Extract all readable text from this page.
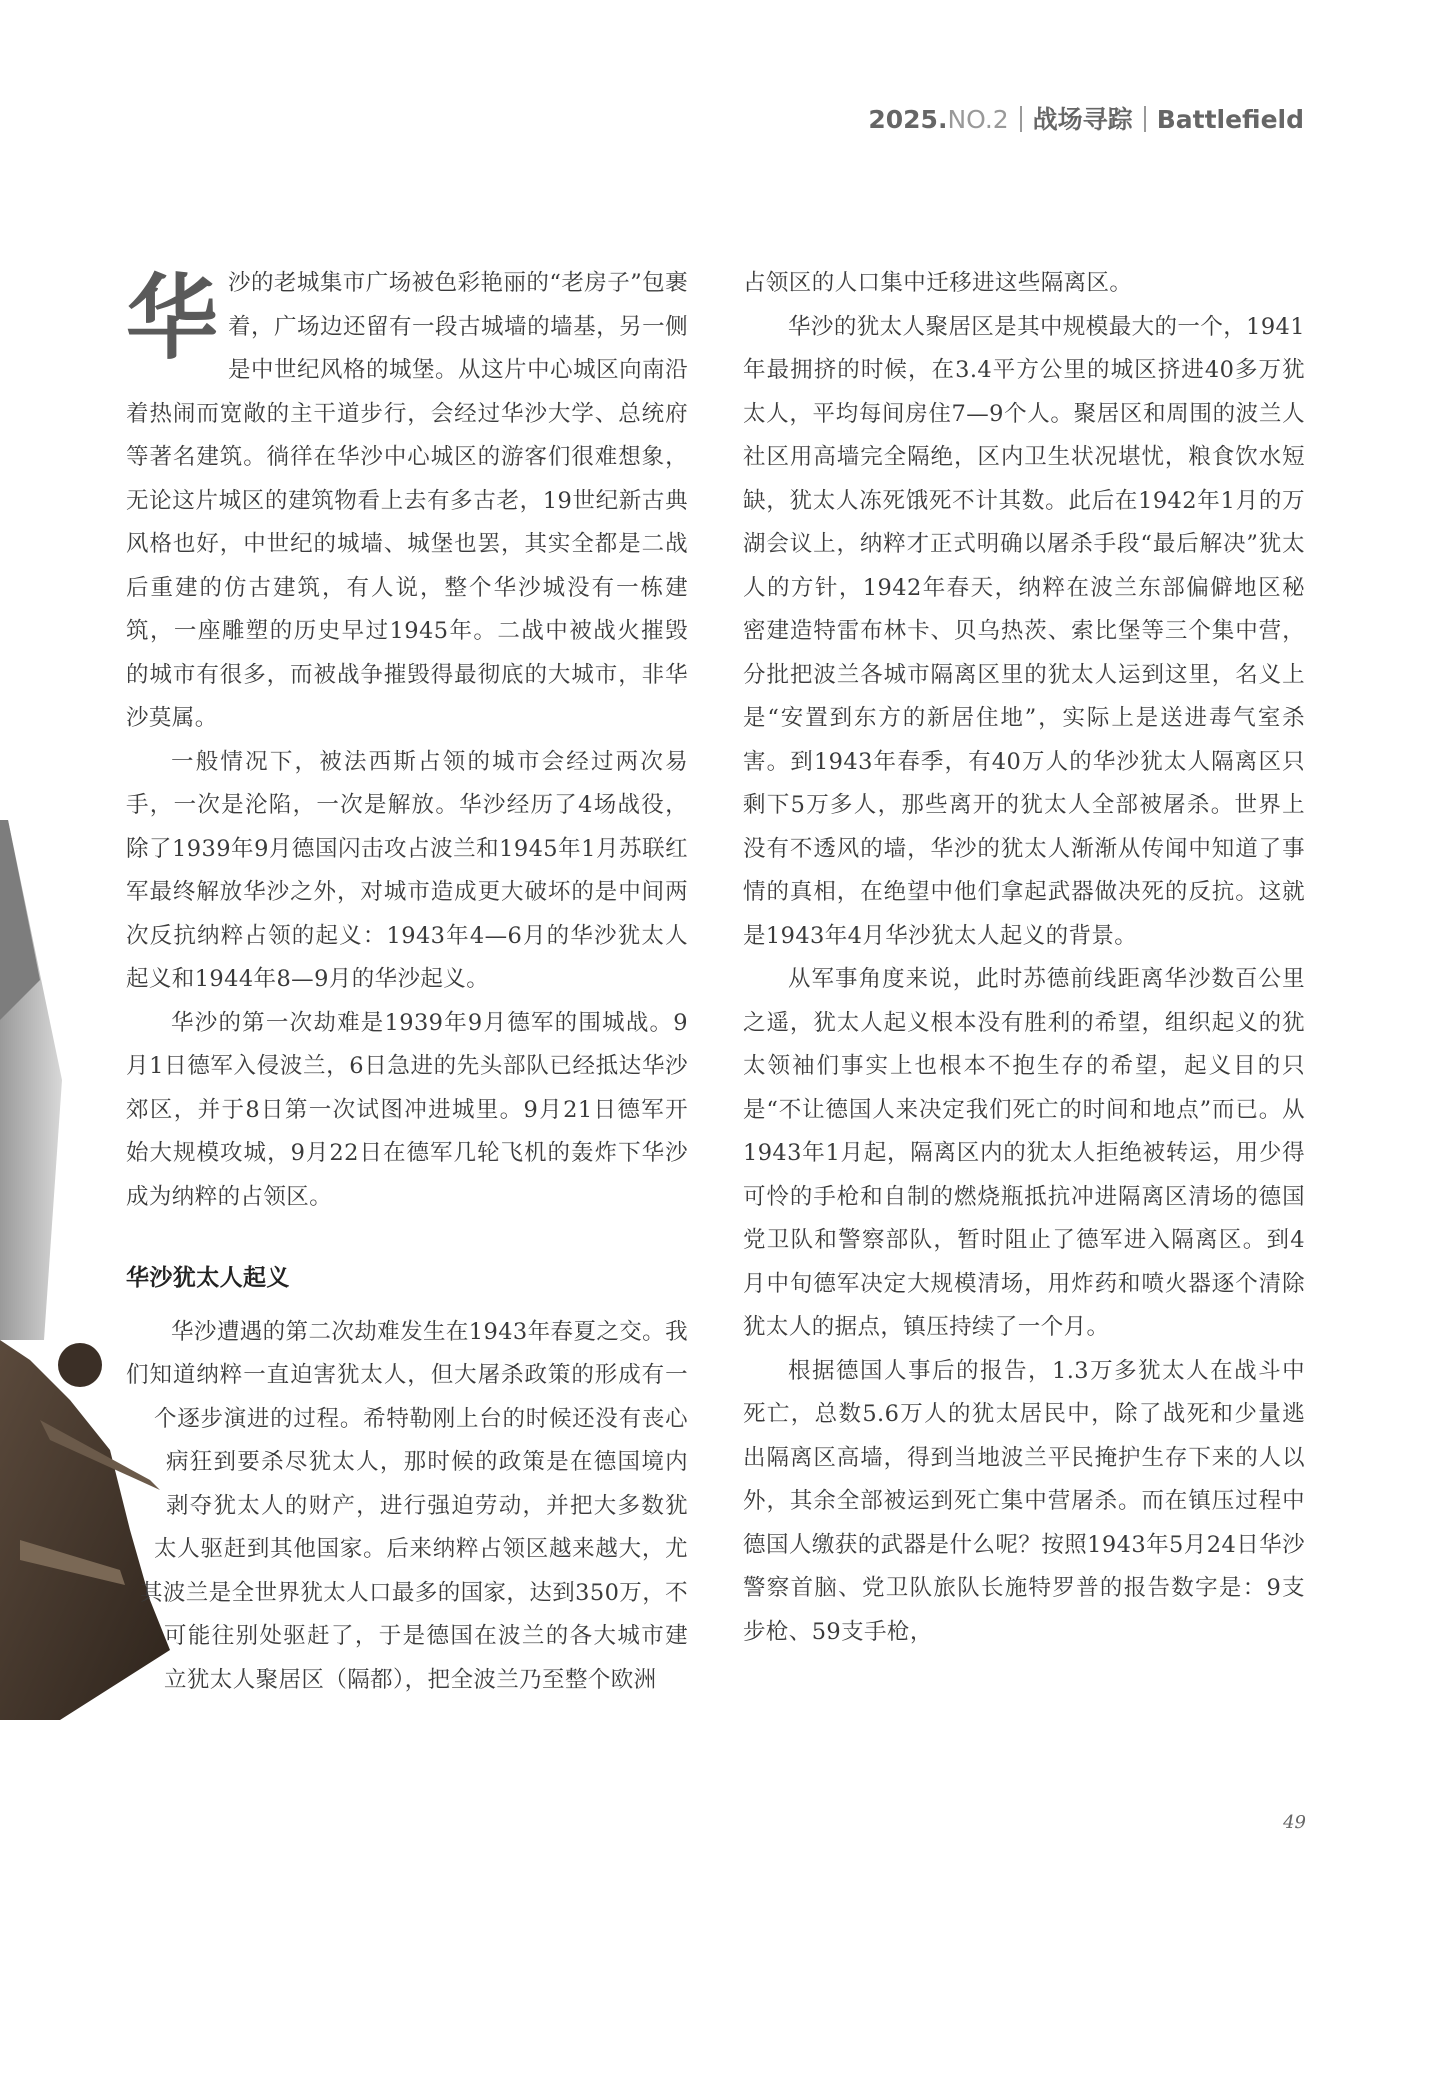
2025.NO.2 战场寻踪 Battlefield

华沙的老城集市广场被色彩艳丽的“老房子”包裹着，广场边还留有一段古城墙的墙基，另一侧是中世纪风格的城堡。从这片中心城区向南沿着热闹而宽敞的主干道步行，会经过华沙大学、总统府等著名建筑。徜徉在华沙中心城区的游客们很难想象，无论这片城区的建筑物看上去有多古老，19世纪新古典风格也好，中世纪的城墙、城堡也罢，其实全都是二战后重建的仿古建筑，有人说，整个华沙城没有一栋建筑，一座雕塑的历史早过1945年。二战中被战火摧毁的城市有很多，而被战争摧毁得最彻底的大城市，非华沙莫属。

一般情况下，被法西斯占领的城市会经过两次易手，一次是沦陷，一次是解放。华沙经历了4场战役，除了1939年9月德国闪击攻占波兰和1945年1月苏联红军最终解放华沙之外，对城市造成更大破坏的是中间两次反抗纳粹占领的起义：1943年4—6月的华沙犹太人起义和1944年8—9月的华沙起义。

华沙的第一次劫难是1939年9月德军的围城战。9月1日德军入侵波兰，6日急进的先头部队已经抵达华沙郊区，并于8日第一次试图冲进城里。9月21日德军开始大规模攻城，9月22日在德军几轮飞机的轰炸下华沙成为纳粹的占领区。

华沙犹太人起义

华沙遭遇的第二次劫难发生在1943年春夏之交。我们知道纳粹一直迫害犹太人，但大屠杀政策的形成有一个逐步演进的过程。希特勒刚上台的时候还没有丧心病狂到要杀尽犹太人，那时候的政策是在德国境内剥夺犹太人的财产，进行强迫劳动，并把大多数犹太人驱赶到其他国家。后来纳粹占领区越来越大，尤其波兰是全世界犹太人口最多的国家，达到350万，不可能往别处驱赶了，于是德国在波兰的各大城市建立犹太人聚居区（隔都），把全波兰乃至整个欧洲

占领区的人口集中迁移进这些隔离区。

华沙的犹太人聚居区是其中规模最大的一个，1941年最拥挤的时候，在3.4平方公里的城区挤进40多万犹太人，平均每间房住7—9个人。聚居区和周围的波兰人社区用高墙完全隔绝，区内卫生状况堪忧，粮食饮水短缺，犹太人冻死饿死不计其数。此后在1942年1月的万湖会议上，纳粹才正式明确以屠杀手段“最后解决”犹太人的方针，1942年春天，纳粹在波兰东部偏僻地区秘密建造特雷布林卡、贝乌热茨、索比堡等三个集中营，分批把波兰各城市隔离区里的犹太人运到这里，名义上是“安置到东方的新居住地”，实际上是送进毒气室杀害。到1943年春季，有40万人的华沙犹太人隔离区只剩下5万多人，那些离开的犹太人全部被屠杀。世界上没有不透风的墙，华沙的犹太人渐渐从传闻中知道了事情的真相，在绝望中他们拿起武器做决死的反抗。这就是1943年4月华沙犹太人起义的背景。

从军事角度来说，此时苏德前线距离华沙数百公里之遥，犹太人起义根本没有胜利的希望，组织起义的犹太领袖们事实上也根本不抱生存的希望，起义目的只是“不让德国人来决定我们死亡的时间和地点”而已。从1943年1月起，隔离区内的犹太人拒绝被转运，用少得可怜的手枪和自制的燃烧瓶抵抗冲进隔离区清场的德国党卫队和警察部队，暂时阻止了德军进入隔离区。到4月中旬德军决定大规模清场，用炸药和喷火器逐个清除犹太人的据点，镇压持续了一个月。

根据德国人事后的报告，1.3万多犹太人在战斗中死亡，总数5.6万人的犹太居民中，除了战死和少量逃出隔离区高墙，得到当地波兰平民掩护生存下来的人以外，其余全部被运到死亡集中营屠杀。而在镇压过程中德国人缴获的武器是什么呢？按照1943年5月24日华沙警察首脑、党卫队旅队长施特罗普的报告数字是：9支步枪、59支手枪，

49
